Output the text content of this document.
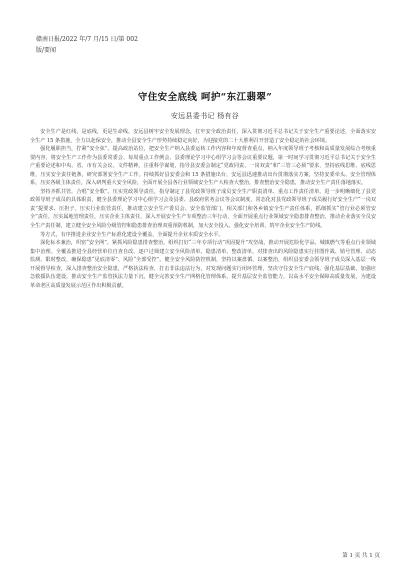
赣南日报/2022 年/7 月/15 日/第 002
版/要闻
守住安全底线 呵护“东江翡翠”
安远县委书记 杨有谷

安全生产是红线，是底线，更是生命线。安远县树牢安全发展理念，扛牢安全政治责任，深入贯彻习近平总书记关于安全生产重要论述，全面落实安全生产 15 条措施，全力以赴保安全，推动全县安全生产形势持续稳定向好，为迎接党的二十大胜利召开营造了安全稳定的社会环境。

强化履职担当，拧紧“安全弦”。提高政治站位，把安全生产纳入县委运转工作内容和年度督查重点，纳入年度领导班子考核和高质量发展综合考核重要内容，将安全生产工作作为县委常委会、每周重点工作例会、县委理论学习中心组学习会等会议重要议题，第一时间学习贯彻习近平总书记关于安全生产重要论述和中央、省、市有关会议、文件精神。注重科学谋划，指导县安委会制定“党政同责、一岗双责”和“三管三必须”要求，坚持底线思维、底线思维，压实安全责任链条，研究部署安全生产工作。持续抓好县安委会和 15 条措施出台，安远县迅速推动出台贯彻落实方案，坚持安委牵头、安全管理体系，压实各级主体责任，深入研判重大安全风险，全面开展全县各行业领域安全生产大检查大整治，排查整治安全隐患，推动安全生产责任落地落实。

坚持齐抓共管，合唱“安全歌”。压实党政领导责任，指导制定了县党政领导班子成员安全生产职责清单、重点工作责任清单，进一步明晰细化了县党政领导班子成员的具体职责，健全县委理论学习中心组学习会及县委、县政府常务会议等会议制度，常态化对县党政领导班子成员履行好安全生产“一岗双责”提要求、压担子。压实行业监管责任，推动建立安全生产委员会、安全监管部门、相关部门和各乡镇安全生产责任体系，抓细抓实“管行业必须管安全”责任，压实属地管理责任，压实企业主体责任，深入开展安全生产专项整治三年行动，全面开展重点行业领域安全隐患排查整治，推动企业落实全员安全生产责任制，建立健全安全风险分级管控和隐患排查治理双重预防机制，加大安全投入，强化安全培训，筑牢企业安全生产防线。

等方式，有序推进企业安全生产标准化建设全覆盖，全面提升企业本质安全水平。

深化标本兼治，织密“安全网”。紧抓风险隐患排查整治，组织打好“三年专项行动”巩固提升”攻坚战，推动开展危险化学品、城镇燃气等重点行业领域集中治理。全覆盖推进全县经营单位自查自改、逐户过筛建立安全风险清单、隐患清单、整改清单。对排查出的风险隐患实行挂图作战、销号管理、动态监测、限时整改，确保隐患“见底清零”、风险“全部受控”。健全安全风险防控机制，坚持以案盘循、以案整治，组织县安委会领导班子成员深入基层一线开展督导检查，深入排查整治安全隐患，严格执法检查，打击非法违法行为，对发现问题实行闭环管理，坚决守住安全生产底线。强化基层基础，加强应急救援队伍建设，推动安全生产监管执法力量下沉，健全完善安全生产网格化管理体系，提升基层安全监管能力，以高水平安全保障高质量发展，为建设革命老区高质量发展示范区作出积极贡献。

第 1 页 共 1 页
